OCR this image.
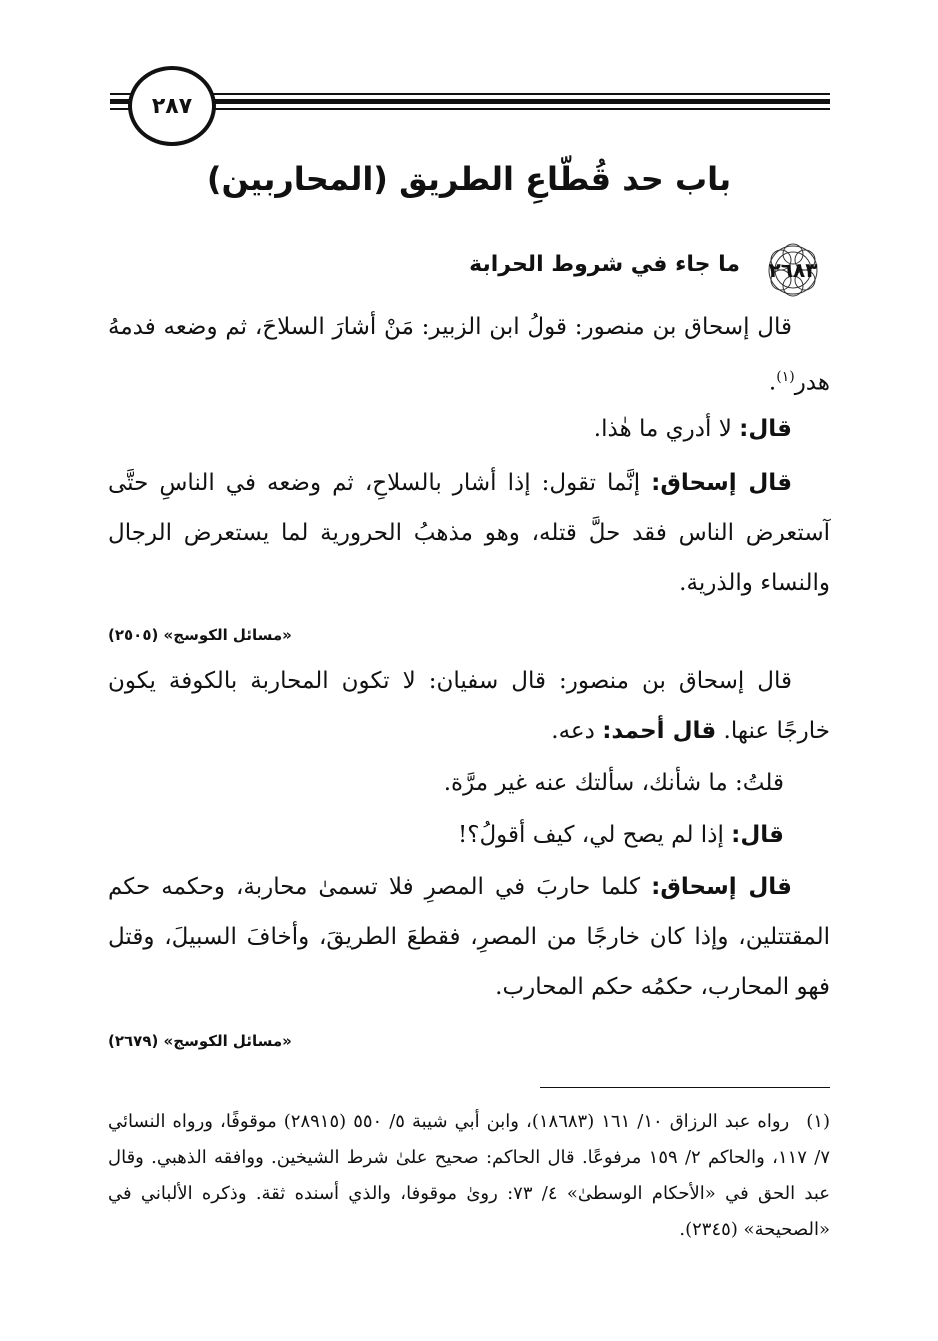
٢٨٧
باب حد قُطّاعِ الطريق (المحاربين)
٢٦٨٣
ما جاء في شروط الحرابة
قال إسحاق بن منصور: قولُ ابن الزبير: مَنْ أشارَ السلاحَ، ثم وضعه فدمهُ هدر$^{(١)}$.
قال: لا أدري ما هٰذا.
قال إسحاق: إنَّما تقول: إذا أشار بالسلاحِ، ثم وضعه في الناسِ حتَّى آستعرض الناس فقد حلَّ قتله، وهو مذهبُ الحرورية لما يستعرض الرجال والنساء والذرية.
«مسائل الكوسج» (٢٥٠٥)
قال إسحاق بن منصور: قال سفيان: لا تكون المحاربة بالكوفة يكون خارجًا عنها. قال أحمد: دعه.
قلتُ: ما شأنك، سألتك عنه غير مرَّة.
قال: إذا لم يصح لي، كيف أقولُ؟!
قال إسحاق: كلما حاربَ في المصرِ فلا تسمىٰ محاربة، وحكمه حكم المقتتلين، وإذا كان خارجًا من المصرِ، فقطعَ الطريقَ، وأخافَ السبيلَ، وقتل فهو المحارب، حكمُه حكم المحارب.
«مسائل الكوسج» (٢٦٧٩)
(١) رواه عبد الرزاق ١٠/ ١٦١ (١٨٦٨٣)، وابن أبي شيبة ٥/ ٥٥٠ (٢٨٩١٥) موقوفًا، ورواه النسائي ٧/ ١١٧، والحاكم ٢/ ١٥٩ مرفوعًا. قال الحاكم: صحيح علىٰ شرط الشيخين. ووافقه الذهبي. وقال عبد الحق في «الأحكام الوسطىٰ» ٤/ ٧٣: رویٰ موقوفا، والذي أسنده ثقة. وذكره الألباني في «الصحيحة» (٢٣٤٥).
